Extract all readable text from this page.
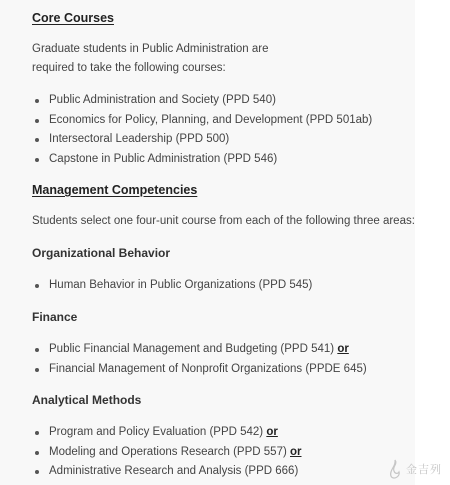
Core Courses
Graduate students in Public Administration are
required to take the following courses:
Public Administration and Society (PPD 540)
Economics for Policy, Planning, and Development (PPD 501ab)
Intersectoral Leadership (PPD 500)
Capstone in Public Administration (PPD 546)
Management Competencies
Students select one four-unit course from each of the following three areas:
Organizational Behavior
Human Behavior in Public Organizations (PPD 545)
Finance
Public Financial Management and Budgeting (PPD 541) or
Financial Management of Nonprofit Organizations (PPDE 645)
Analytical Methods
Program and Policy Evaluation (PPD 542) or
Modeling and Operations Research (PPD 557) or
Administrative Research and Analysis (PPD 666)	金吉列
